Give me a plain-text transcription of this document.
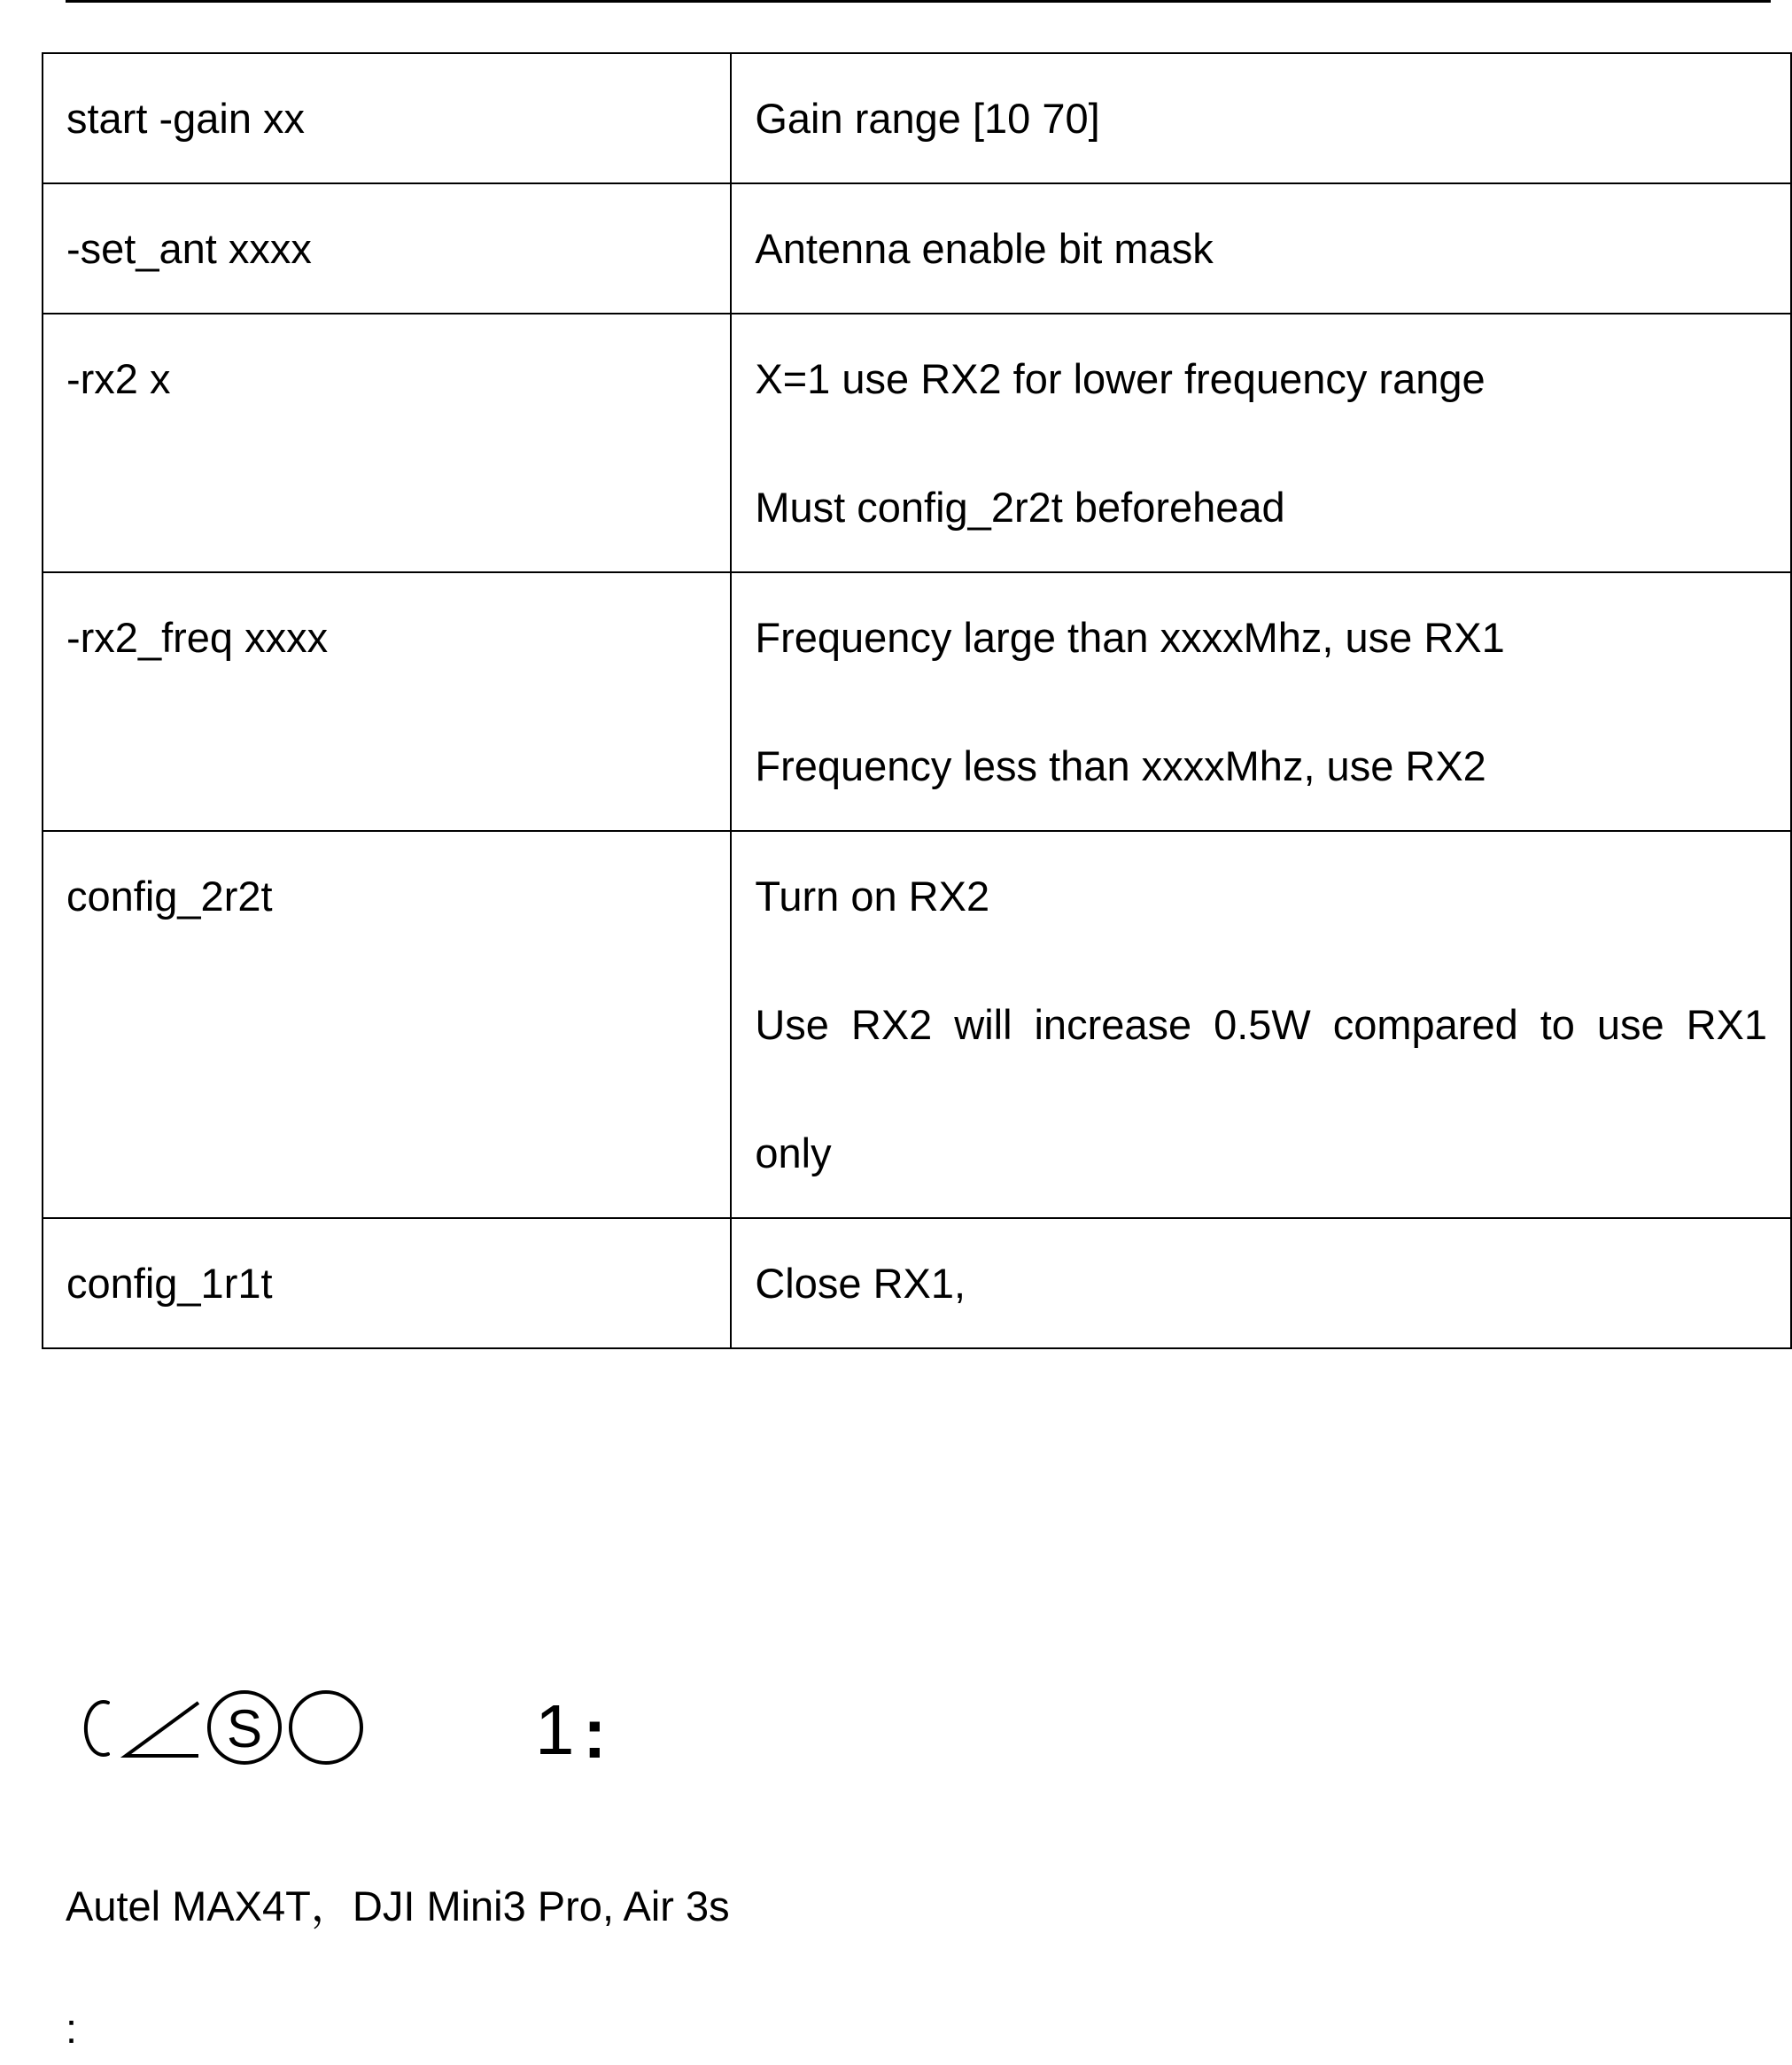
start -gain xx	Gain range [10 70]

-set_ant xxxx	Antenna enable bit mask

-rx2 x	X=1 use RX2 for lower frequency range
Must config_2r2t beforehead

-rx2_freq xxxx	Frequency large than xxxxMhz, use RX1
Frequency less than xxxxMhz, use RX2

config_2r2t	Turn on RX2
Use RX2 will increase 0.5W compared to use RX1
only

config_1r1t	Close RX1,
S	1 :
Autel MAX4T，DJI Mini3 Pro, Air 3s
:
